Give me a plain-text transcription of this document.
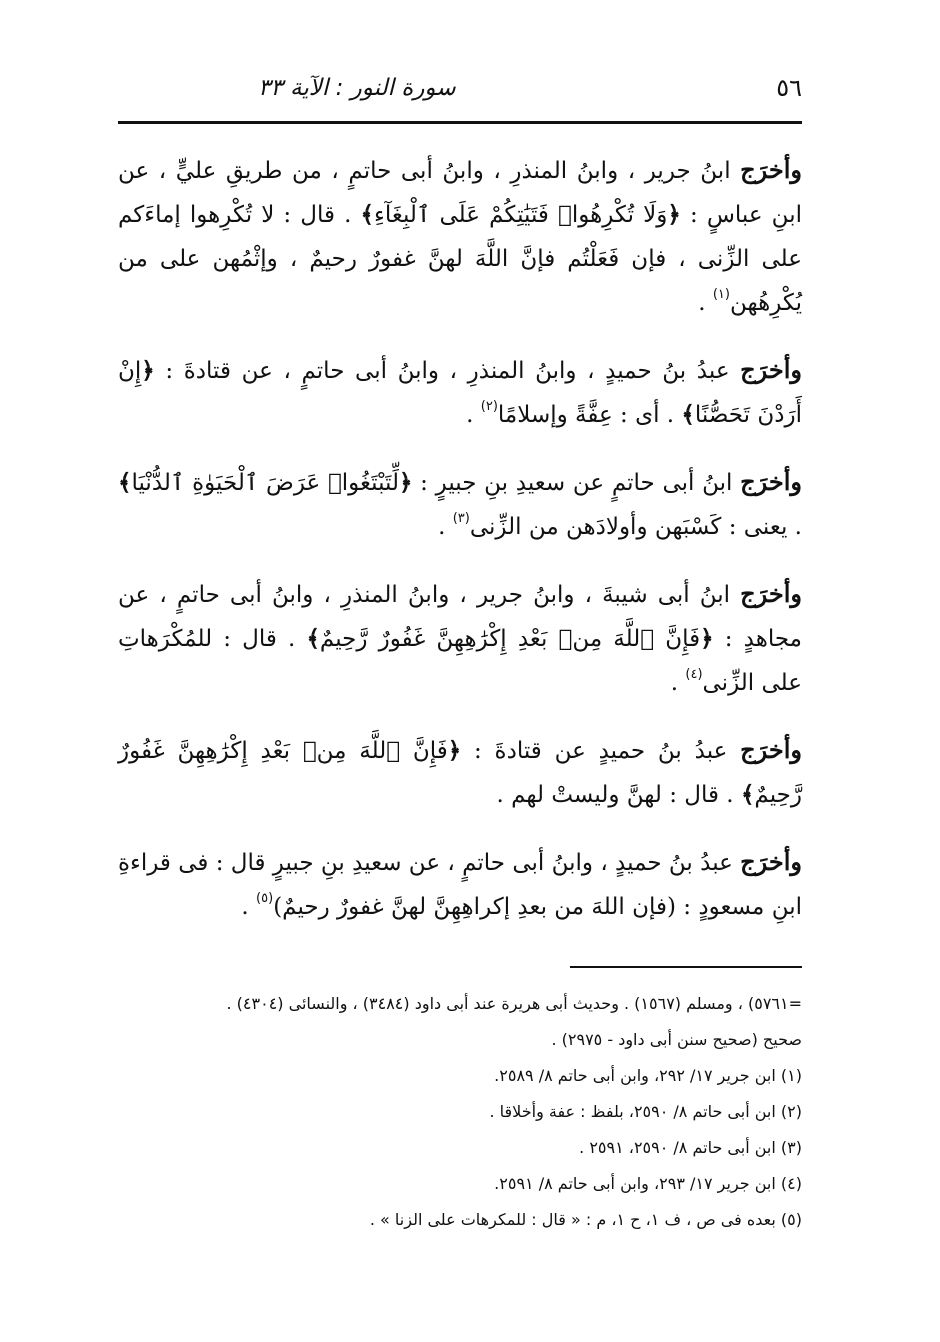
٥٦
سورة النور : الآية ٣٣

وأخرَج ابنُ جرير ، وابنُ المنذرِ ، وابنُ أبى حاتمٍ ، من طريقِ عليٍّ ، عن ابنِ عباسٍ : ﴿وَلَا تُكْرِهُوا۟ فَتَيَٰتِكُمْ عَلَى ٱلْبِغَآءِ﴾ . قال : لا تُكْرِهوا إماءَكم على الزِّنى ، فإن فَعَلْتُم فإنَّ اللَّهَ لهنَّ غفورٌ رحيمٌ ، وإثْمُهن على من يُكْرِهُهن$^{(١)}$ .

وأخرَج عبدُ بنُ حميدٍ ، وابنُ المنذرِ ، وابنُ أبى حاتمٍ ، عن قتادةَ : ﴿إِنْ أَرَدْنَ تَحَصُّنًا﴾ . أى : عِفَّةً وإسلامًا$^{(٢)}$ .

وأخرَج ابنُ أبى حاتمٍ عن سعيدِ بنِ جبيرٍ : ﴿لِّتَبْتَغُوا۟ عَرَضَ ٱلْحَيَوٰةِ ٱلدُّنْيَا﴾ . يعنى : كَسْبَهن وأولادَهن من الزِّنى$^{(٣)}$ .

وأخرَج ابنُ أبى شيبةَ ، وابنُ جرير ، وابنُ المنذرِ ، وابنُ أبى حاتمٍ ، عن مجاهدٍ : ﴿فَإِنَّ ٱللَّهَ مِنۢ بَعْدِ إِكْرَٰهِهِنَّ غَفُورٌ رَّحِيمٌ﴾ . قال : للمُكْرَهاتِ على الزِّنى$^{(٤)}$ .

وأخرَج عبدُ بنُ حميدٍ عن قتادةَ : ﴿فَإِنَّ ٱللَّهَ مِنۢ بَعْدِ إِكْرَٰهِهِنَّ غَفُورٌ رَّحِيمٌ﴾ . قال : لهنَّ وليستْ لهم .

وأخرَج عبدُ بنُ حميدٍ ، وابنُ أبى حاتمٍ ، عن سعيدِ بنِ جبيرٍ قال : فى قراءةِ ابنِ مسعودٍ : (فإن اللهَ من بعدِ إكراهِهِنَّ لهنَّ غفورٌ رحيمٌ)$^{(٥)}$ .

=٥٧٦١) ، ومسلم (١٥٦٧) . وحديث أبى هريرة عند أبى داود (٣٤٨٤) ، والنسائى (٤٣٠٤) .

صحيح (صحيح سنن أبى داود - ٢٩٧٥) .

(١) ابن جرير ١٧/ ٢٩٢، وابن أبى حاتم ٨/ ٢٥٨٩.

(٢) ابن أبى حاتم ٨/ ٢٥٩٠، بلفظ : عفة وأخلاقا .

(٣) ابن أبى حاتم ٨/ ٢٥٩٠، ٢٥٩١ .

(٤) ابن جرير ١٧/ ٢٩٣، وابن أبى حاتم ٨/ ٢٥٩١.

(٥) بعده فى ص ، ف ١، ح ١، م : « قال : للمكرهات على الزنا » .
